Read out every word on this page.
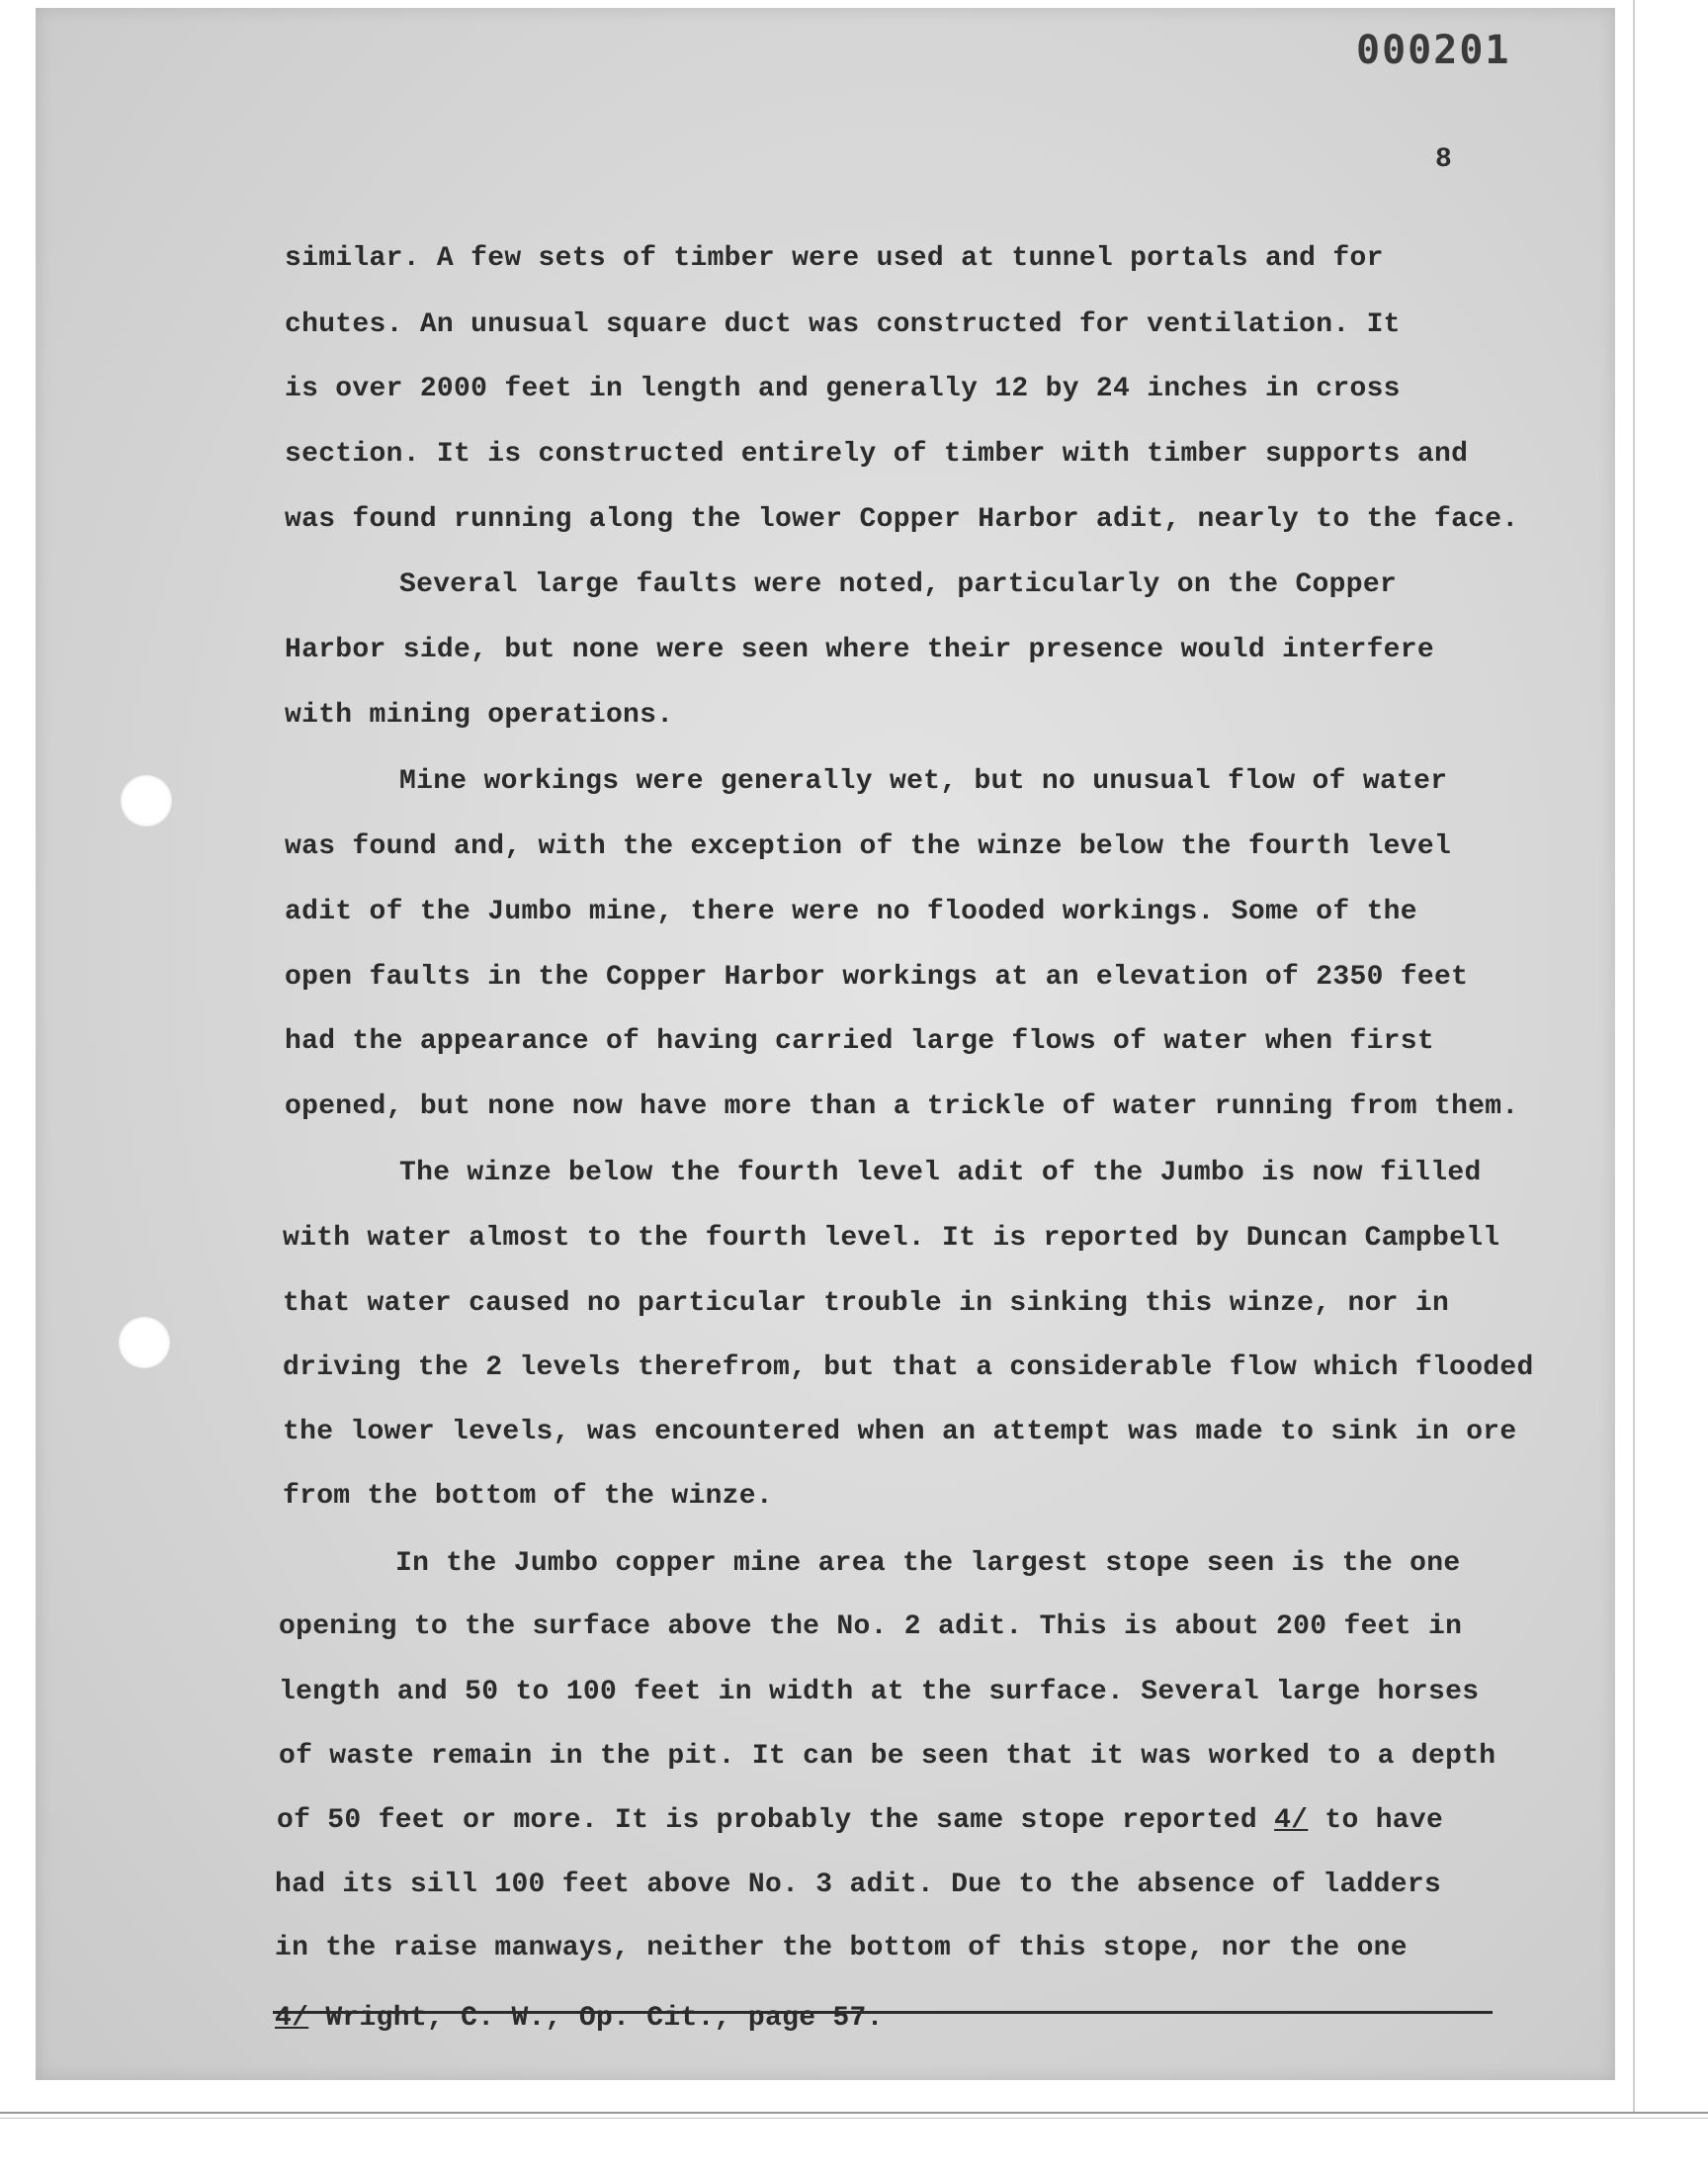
000201
8
similar. A few sets of timber were used at tunnel portals and for
chutes. An unusual square duct was constructed for ventilation. It
is over 2000 feet in length and generally 12 by 24 inches in cross
section. It is constructed entirely of timber with timber supports and
was found running along the lower Copper Harbor adit, nearly to the face.
Several large faults were noted, particularly on the Copper
Harbor side, but none were seen where their presence would interfere
with mining operations.
Mine workings were generally wet, but no unusual flow of water
was found and, with the exception of the winze below the fourth level
adit of the Jumbo mine, there were no flooded workings. Some of the
open faults in the Copper Harbor workings at an elevation of 2350 feet
had the appearance of having carried large flows of water when first
opened, but none now have more than a trickle of water running from them.
The winze below the fourth level adit of the Jumbo is now filled
with water almost to the fourth level. It is reported by Duncan Campbell
that water caused no particular trouble in sinking this winze, nor in
driving the 2 levels therefrom, but that a considerable flow which flooded
the lower levels, was encountered when an attempt was made to sink in ore
from the bottom of the winze.
In the Jumbo copper mine area the largest stope seen is the one
opening to the surface above the No. 2 adit. This is about 200 feet in
length and 50 to 100 feet in width at the surface. Several large horses
of waste remain in the pit. It can be seen that it was worked to a depth
of 50 feet or more. It is probably the same stope reported 4/ to have
had its sill 100 feet above No. 3 adit. Due to the absence of ladders
in the raise manways, neither the bottom of this stope, nor the one
4/ Wright, C. W., Op. Cit., page 57.
